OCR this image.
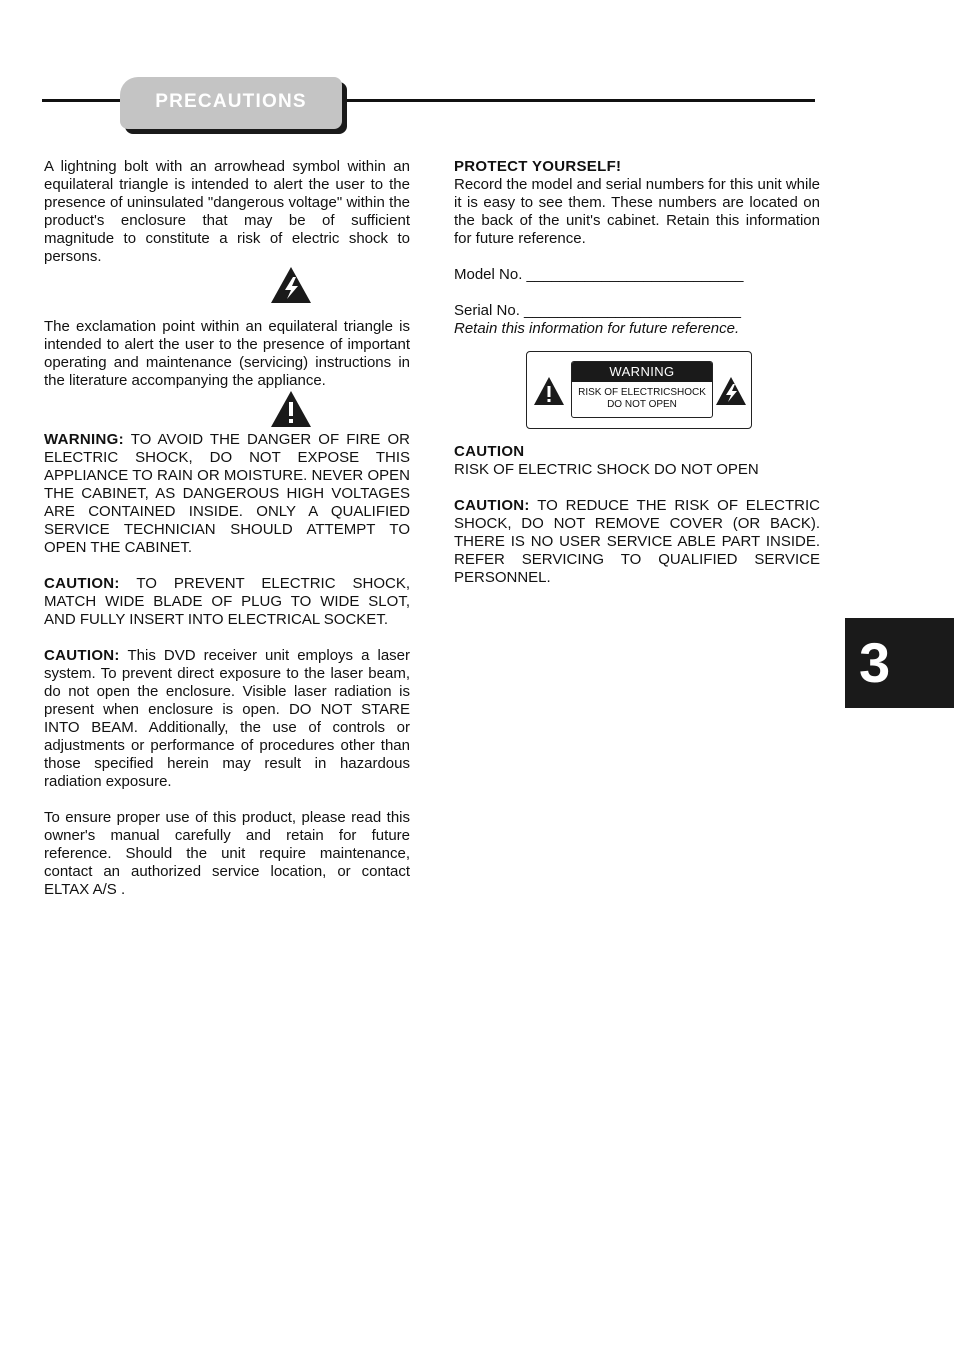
PRECAUTIONS

A lightning bolt with an arrowhead symbol within an equilateral triangle is intended to alert the user to the presence of uninsulated "dangerous voltage" within the product's enclosure that may be of sufficient magnitude to constitute a risk of electric shock to persons.

The exclamation point within an equilateral triangle is intended to alert the user to the presence of important operating and maintenance (servicing) instructions in the literature accompanying the appliance.

WARNING: TO AVOID THE DANGER OF FIRE OR ELECTRIC SHOCK, DO NOT EXPOSE THIS APPLIANCE TO RAIN OR MOISTURE. NEVER OPEN THE CABINET, AS DANGEROUS HIGH VOLTAGES ARE CONTAINED INSIDE. ONLY A QUALIFIED SERVICE TECHNICIAN SHOULD ATTEMPT TO OPEN THE CABINET.

CAUTION: TO PREVENT ELECTRIC SHOCK, MATCH WIDE BLADE OF PLUG TO WIDE SLOT, AND FULLY INSERT INTO ELECTRICAL SOCKET.

CAUTION: This DVD receiver unit employs a laser system. To prevent direct exposure to the laser beam, do not open the enclosure. Visible laser radiation is present when enclosure is open. DO NOT STARE INTO BEAM. Additionally, the use of controls or adjustments or performance of procedures other than those specified herein may result in hazardous radiation exposure.

To ensure proper use of this product, please read this owner's manual carefully and retain for future reference. Should the unit require maintenance, contact an authorized service location, or contact ELTAX A/S .

PROTECT YOURSELF!

Record the model and serial numbers for this unit while it is easy to see them. These numbers are located on the back of the unit's cabinet. Retain this information for future reference.

Model No. __________________________

Serial No. __________________________

Retain this information for future reference.

WARNING
RISK OF ELECTRICSHOCK
DO NOT OPEN

CAUTION

RISK OF ELECTRIC SHOCK DO NOT OPEN

CAUTION: TO REDUCE THE RISK OF ELECTRIC SHOCK, DO NOT REMOVE COVER (OR BACK). THERE IS NO USER SERVICE ABLE PART INSIDE. REFER SERVICING TO QUALIFIED SERVICE PERSONNEL.

3
